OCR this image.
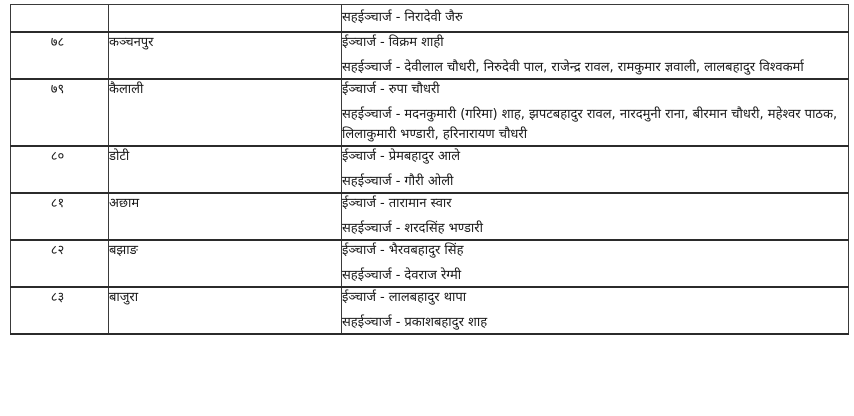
		सहईञ्चार्ज - निरादेवी जैरु

७८	कञ्चनपुर	ईञ्चार्ज - विक्रम शाही
सहईञ्चार्ज - देवीलाल चौधरी, निरुदेवी पाल, राजेन्द्र रावल, रामकुमार ज्ञवाली, लालबहादुर विश्वकर्मा

७९	कैलाली	ईञ्चार्ज - रुपा चौधरी
सहईञ्चार्ज - मदनकुमारी (गरिमा) शाह, झपटबहादुर रावल, नारदमुनी राना, बीरमान चौधरी, महेश्वर पाठक, लिलाकुमारी भण्डारी, हरिनारायण चौधरी

८०	डोटी	ईञ्चार्ज - प्रेमबहादुर आले
सहईञ्चार्ज - गौरी ओली

८१	अछाम	ईञ्चार्ज - तारामान स्वार
सहईञ्चार्ज - शरदसिंह भण्डारी

८२	बझाङ	ईञ्चार्ज - भैरवबहादुर सिंह
सहईञ्चार्ज - देवराज रेग्मी

८३	बाजुरा	ईञ्चार्ज - लालबहादुर थापा
सहईञ्चार्ज - प्रकाशबहादुर शाह
